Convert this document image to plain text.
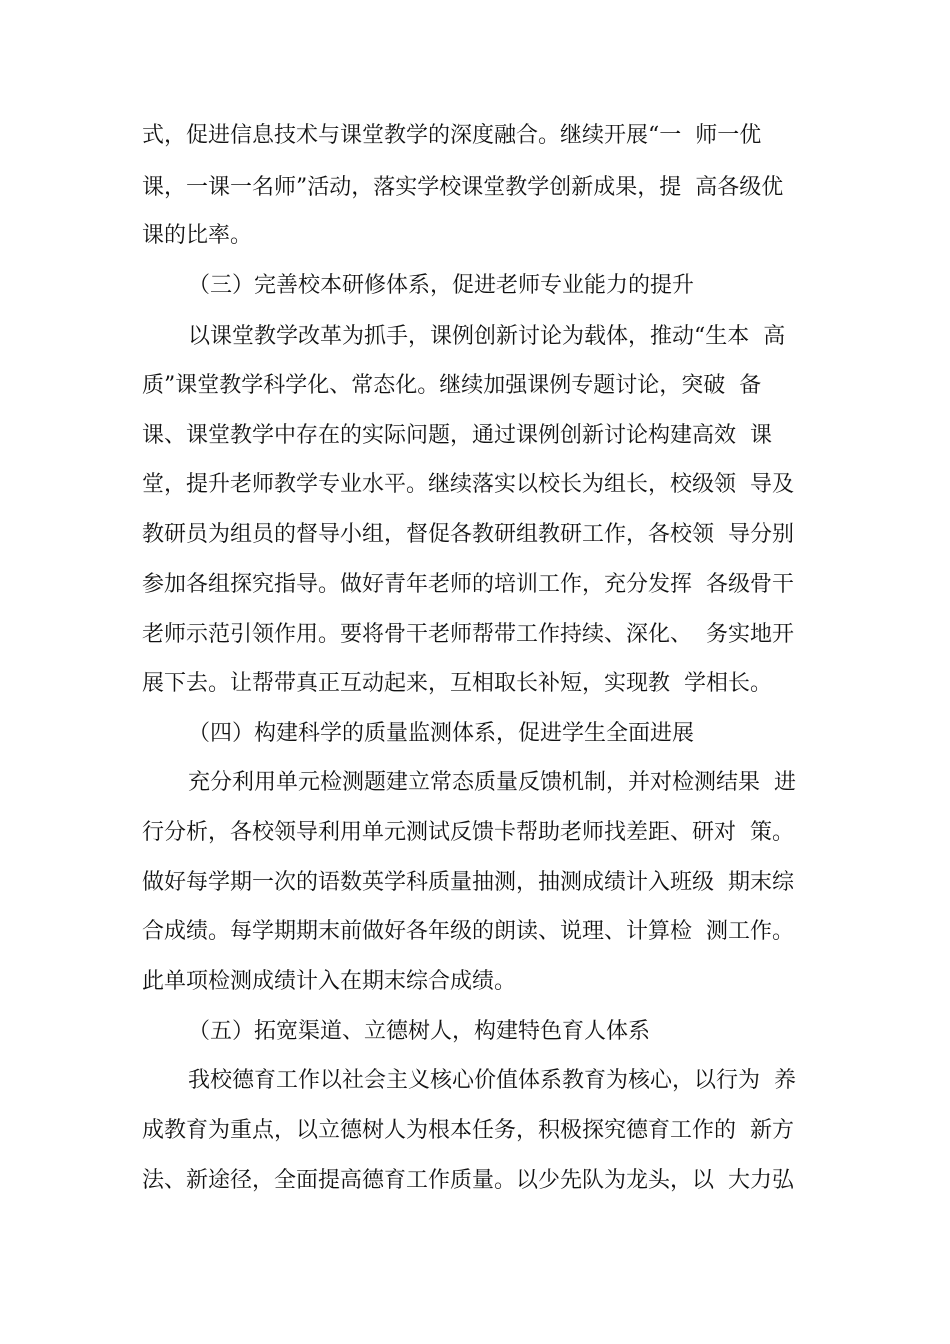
式，促进信息技术与课堂教学的深度融合。继续开展“一  师一优
课，一课一名师”活动，落实学校课堂教学创新成果，提  高各级优
课的比率。
（三）完善校本研修体系，促进老师专业能力的提升
以课堂教学改革为抓手，课例创新讨论为载体，推动“生本  高
质”课堂教学科学化、常态化。继续加强课例专题讨论，突破  备
课、课堂教学中存在的实际问题，通过课例创新讨论构建高效  课
堂，提升老师教学专业水平。继续落实以校长为组长，校级领  导及
教研员为组员的督导小组，督促各教研组教研工作，各校领  导分别
参加各组探究指导。做好青年老师的培训工作，充分发挥  各级骨干
老师示范引领作用。要将骨干老师帮带工作持续、深化、  务实地开
展下去。让帮带真正互动起来，互相取长补短，实现教  学相长。
（四）构建科学的质量监测体系，促进学生全面进展
充分利用单元检测题建立常态质量反馈机制，并对检测结果  进
行分析，各校领导利用单元测试反馈卡帮助老师找差距、研对  策。
做好每学期一次的语数英学科质量抽测，抽测成绩计入班级  期末综
合成绩。每学期期末前做好各年级的朗读、说理、计算检  测工作。
此单项检测成绩计入在期末综合成绩。
（五）拓宽渠道、立德树人，构建特色育人体系
我校德育工作以社会主义核心价值体系教育为核心，以行为  养
成教育为重点，以立德树人为根本任务，积极探究德育工作的  新方
法、新途径，全面提高德育工作质量。以少先队为龙头，以  大力弘
